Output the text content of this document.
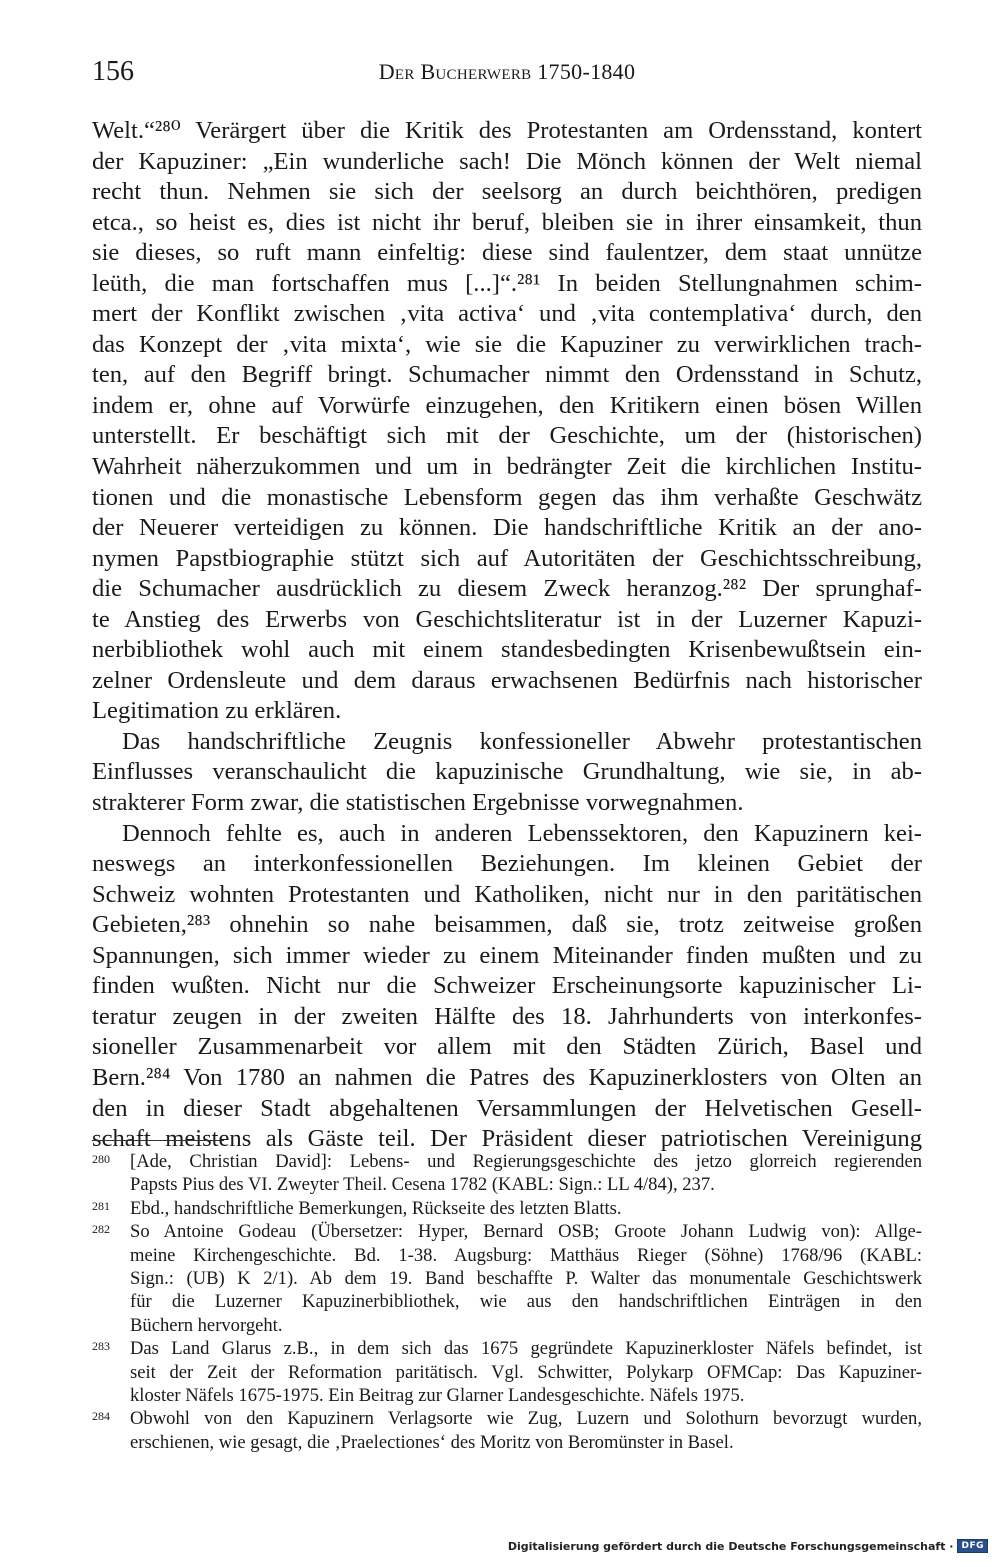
156	Der Bucherwerb 1750-1840
Welt.“²⁸⁰ Verärgert über die Kritik des Protestanten am Ordensstand, kontert
der Kapuziner: „Ein wunderliche sach! Die Mönch können der Welt niemal
recht thun. Nehmen sie sich der seelsorg an durch beichthören, predigen
etca., so heist es, dies ist nicht ihr beruf, bleiben sie in ihrer einsamkeit, thun
sie dieses, so ruft mann einfeltig: diese sind faulentzer, dem staat unnütze
leüth, die man fortschaffen mus [...]“.²⁸¹ In beiden Stellungnahmen schim-
mert der Konflikt zwischen ‚vita activa‘ und ‚vita contemplativa‘ durch, den
das Konzept der ‚vita mixta‘, wie sie die Kapuziner zu verwirklichen trach-
ten, auf den Begriff bringt. Schumacher nimmt den Ordensstand in Schutz,
indem er, ohne auf Vorwürfe einzugehen, den Kritikern einen bösen Willen
unterstellt. Er beschäftigt sich mit der Geschichte, um der (historischen)
Wahrheit näherzukommen und um in bedrängter Zeit die kirchlichen Institu-
tionen und die monastische Lebensform gegen das ihm verhaßte Geschwätz
der Neuerer verteidigen zu können. Die handschriftliche Kritik an der ano-
nymen Papstbiographie stützt sich auf Autoritäten der Geschichtsschreibung,
die Schumacher ausdrücklich zu diesem Zweck heranzog.²⁸² Der sprunghaf-
te Anstieg des Erwerbs von Geschichtsliteratur ist in der Luzerner Kapuzi-
nerbibliothek wohl auch mit einem standesbedingten Krisenbewußtsein ein-
zelner Ordensleute und dem daraus erwachsenen Bedürfnis nach historischer
Legitimation zu erklären.
Das handschriftliche Zeugnis konfessioneller Abwehr protestantischen
Einflusses veranschaulicht die kapuzinische Grundhaltung, wie sie, in ab-
strakterer Form zwar, die statistischen Ergebnisse vorwegnahmen.
Dennoch fehlte es, auch in anderen Lebenssektoren, den Kapuzinern kei-
neswegs an interkonfessionellen Beziehungen. Im kleinen Gebiet der
Schweiz wohnten Protestanten und Katholiken, nicht nur in den paritätischen
Gebieten,²⁸³ ohnehin so nahe beisammen, daß sie, trotz zeitweise großen
Spannungen, sich immer wieder zu einem Miteinander finden mußten und zu
finden wußten. Nicht nur die Schweizer Erscheinungsorte kapuzinischer Li-
teratur zeugen in der zweiten Hälfte des 18. Jahrhunderts von interkonfes-
sioneller Zusammenarbeit vor allem mit den Städten Zürich, Basel und
Bern.²⁸⁴ Von 1780 an nahmen die Patres des Kapuzinerklosters von Olten an
den in dieser Stadt abgehaltenen Versammlungen der Helvetischen Gesell-
schaft meistens als Gäste teil. Der Präsident dieser patriotischen Vereinigung
280 [Ade, Christian David]: Lebens- und Regierungsgeschichte des jetzo glorreich regierenden
Papsts Pius des VI. Zweyter Theil. Cesena 1782 (KABL: Sign.: LL 4/84), 237.
281 Ebd., handschriftliche Bemerkungen, Rückseite des letzten Blatts.
282 So Antoine Godeau (Übersetzer: Hyper, Bernard OSB; Groote Johann Ludwig von): Allge-
meine Kirchengeschichte. Bd. 1-38. Augsburg: Matthäus Rieger (Söhne) 1768/96 (KABL:
Sign.: (UB) K 2/1). Ab dem 19. Band beschaffte P. Walter das monumentale Geschichtswerk
für die Luzerner Kapuzinerbibliothek, wie aus den handschriftlichen Einträgen in den
Büchern hervorgeht.
283 Das Land Glarus z.B., in dem sich das 1675 gegründete Kapuzinerkloster Näfels befindet, ist
seit der Zeit der Reformation paritätisch. Vgl. Schwitter, Polykarp OFMCap: Das Kapuziner-
kloster Näfels 1675-1975. Ein Beitrag zur Glarner Landesgeschichte. Näfels 1975.
284 Obwohl von den Kapuzinern Verlagsorte wie Zug, Luzern und Solothurn bevorzugt wurden,
erschienen, wie gesagt, die ‚Praelectiones‘ des Moritz von Beromünster in Basel.
Digitalisierung gefördert durch die Deutsche Forschungsgemeinschaft · DFG
